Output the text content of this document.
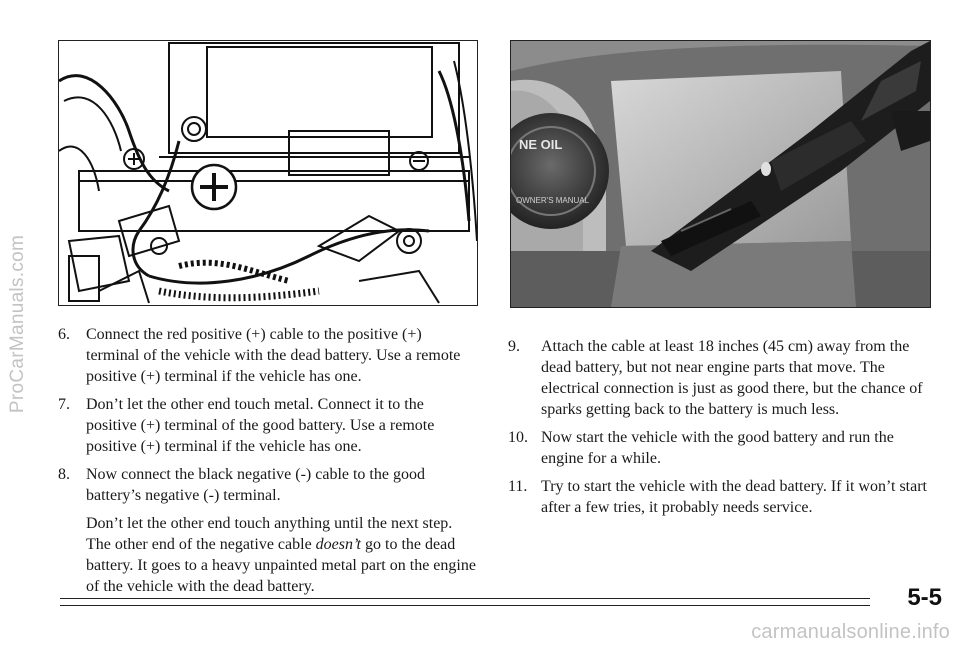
ProCarManuals.com
NE OIL
OWNER'S MANUAL
6.	Connect the red positive (+) cable to the positive (+) terminal of the vehicle with the dead battery. Use a remote positive (+) terminal if the vehicle has one.
7.	Don’t let the other end touch metal. Connect it to the positive (+) terminal of the good battery. Use a remote positive (+) terminal if the vehicle has one.
8.	Now connect the black negative (-) cable to the good battery’s negative (-) terminal.

Don’t let the other end touch anything until the next step. The other end of the negative cable doesn’t go to the dead battery. It goes to a heavy unpainted metal part on the engine of the vehicle with the dead battery.

9.	Attach the cable at least 18 inches (45 cm) away from the dead battery, but not near engine parts that move. The electrical connection is just as good there, but the chance of sparks getting back to the battery is much less.
10. Now start the vehicle with the good battery and run the engine for a while.
11. Try to start the vehicle with the dead battery. If it won’t start after a few tries, it probably needs service.
5-5
carmanualsonline.info
